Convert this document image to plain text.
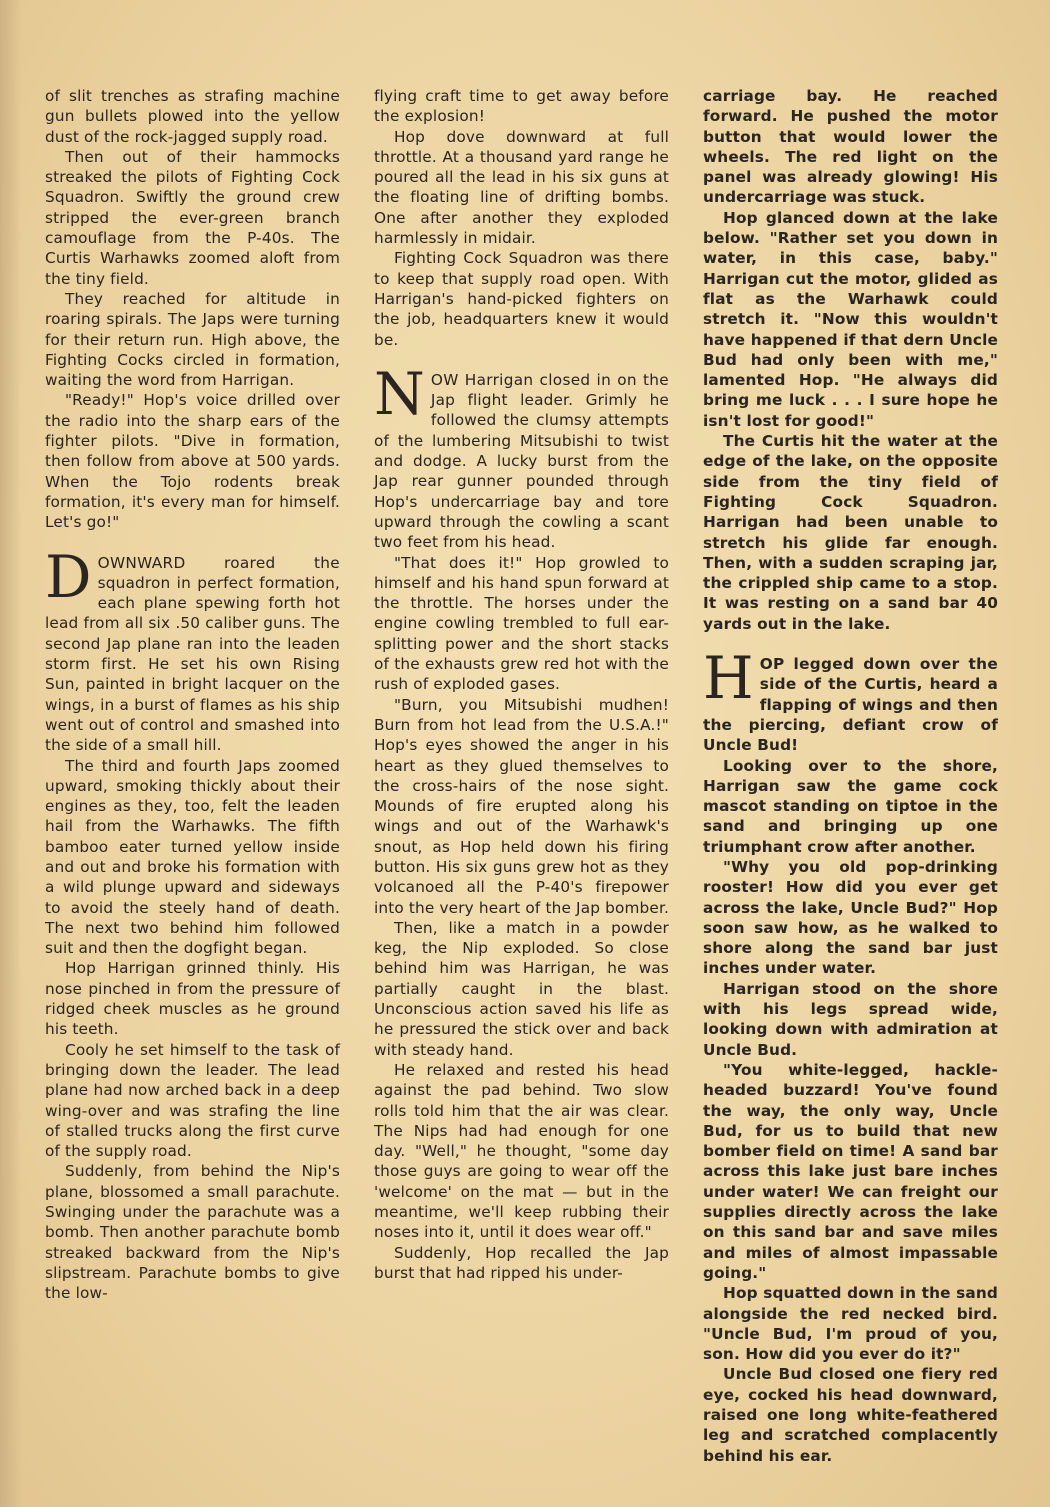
of slit trenches as strafing machine gun bullets plowed into the yellow dust of the rock-jagged supply road.

Then out of their hammocks streaked the pilots of Fighting Cock Squadron. Swiftly the ground crew stripped the ever-green branch camouflage from the P-40s. The Curtis Warhawks zoomed aloft from the tiny field.

They reached for altitude in roaring spirals. The Japs were turning for their return run. High above, the Fighting Cocks circled in formation, waiting the word from Harrigan.

"Ready!" Hop's voice drilled over the radio into the sharp ears of the fighter pilots. "Dive in formation, then follow from above at 500 yards. When the Tojo rodents break formation, it's every man for himself. Let's go!"

DOWNWARD roared the squadron in perfect formation, each plane spewing forth hot lead from all six .50 caliber guns. The second Jap plane ran into the leaden storm first. He set his own Rising Sun, painted in bright lacquer on the wings, in a burst of flames as his ship went out of control and smashed into the side of a small hill.

The third and fourth Japs zoomed upward, smoking thickly about their engines as they, too, felt the leaden hail from the Warhawks. The fifth bamboo eater turned yellow inside and out and broke his formation with a wild plunge upward and sideways to avoid the steely hand of death. The next two behind him followed suit and then the dogfight began.

Hop Harrigan grinned thinly. His nose pinched in from the pressure of ridged cheek muscles as he ground his teeth.

Cooly he set himself to the task of bringing down the leader. The lead plane had now arched back in a deep wing-over and was strafing the line of stalled trucks along the first curve of the supply road.

Suddenly, from behind the Nip's plane, blossomed a small parachute. Swinging under the parachute was a bomb. Then another parachute bomb streaked backward from the Nip's slipstream. Parachute bombs to give the low-

flying craft time to get away before the explosion!

Hop dove downward at full throttle. At a thousand yard range he poured all the lead in his six guns at the floating line of drifting bombs. One after another they exploded harmlessly in midair.

Fighting Cock Squadron was there to keep that supply road open. With Harrigan's hand-picked fighters on the job, headquarters knew it would be.

NOW Harrigan closed in on the Jap flight leader. Grimly he followed the clumsy attempts of the lumbering Mitsubishi to twist and dodge. A lucky burst from the Jap rear gunner pounded through Hop's undercarriage bay and tore upward through the cowling a scant two feet from his head.

"That does it!" Hop growled to himself and his hand spun forward at the throttle. The horses under the engine cowling trembled to full ear-splitting power and the short stacks of the exhausts grew red hot with the rush of exploded gases.

"Burn, you Mitsubishi mudhen! Burn from hot lead from the U.S.A.!" Hop's eyes showed the anger in his heart as they glued themselves to the cross-hairs of the nose sight. Mounds of fire erupted along his wings and out of the Warhawk's snout, as Hop held down his firing button. His six guns grew hot as they volcanoed all the P-40's firepower into the very heart of the Jap bomber.

Then, like a match in a powder keg, the Nip exploded. So close behind him was Harrigan, he was partially caught in the blast. Unconscious action saved his life as he pressured the stick over and back with steady hand.

He relaxed and rested his head against the pad behind. Two slow rolls told him that the air was clear. The Nips had had enough for one day. "Well," he thought, "some day those guys are going to wear off the 'welcome' on the mat — but in the meantime, we'll keep rubbing their noses into it, until it does wear off."

Suddenly, Hop recalled the Jap burst that had ripped his under-

carriage bay. He reached forward. He pushed the motor button that would lower the wheels. The red light on the panel was already glowing! His undercarriage was stuck.

Hop glanced down at the lake below. "Rather set you down in water, in this case, baby." Harrigan cut the motor, glided as flat as the Warhawk could stretch it. "Now this wouldn't have happened if that dern Uncle Bud had only been with me," lamented Hop. "He always did bring me luck . . . I sure hope he isn't lost for good!"

The Curtis hit the water at the edge of the lake, on the opposite side from the tiny field of Fighting Cock Squadron. Harrigan had been unable to stretch his glide far enough. Then, with a sudden scraping jar, the crippled ship came to a stop. It was resting on a sand bar 40 yards out in the lake.

HOP legged down over the side of the Curtis, heard a flapping of wings and then the piercing, defiant crow of Uncle Bud!

Looking over to the shore, Harrigan saw the game cock mascot standing on tiptoe in the sand and bringing up one triumphant crow after another.

"Why you old pop-drinking rooster! How did you ever get across the lake, Uncle Bud?" Hop soon saw how, as he walked to shore along the sand bar just inches under water.

Harrigan stood on the shore with his legs spread wide, looking down with admiration at Uncle Bud.

"You white-legged, hackle-headed buzzard! You've found the way, the only way, Uncle Bud, for us to build that new bomber field on time! A sand bar across this lake just bare inches under water! We can freight our supplies directly across the lake on this sand bar and save miles and miles of almost impassable going."

Hop squatted down in the sand alongside the red necked bird. "Uncle Bud, I'm proud of you, son. How did you ever do it?"

Uncle Bud closed one fiery red eye, cocked his head downward, raised one long white-feathered leg and scratched complacently behind his ear.
